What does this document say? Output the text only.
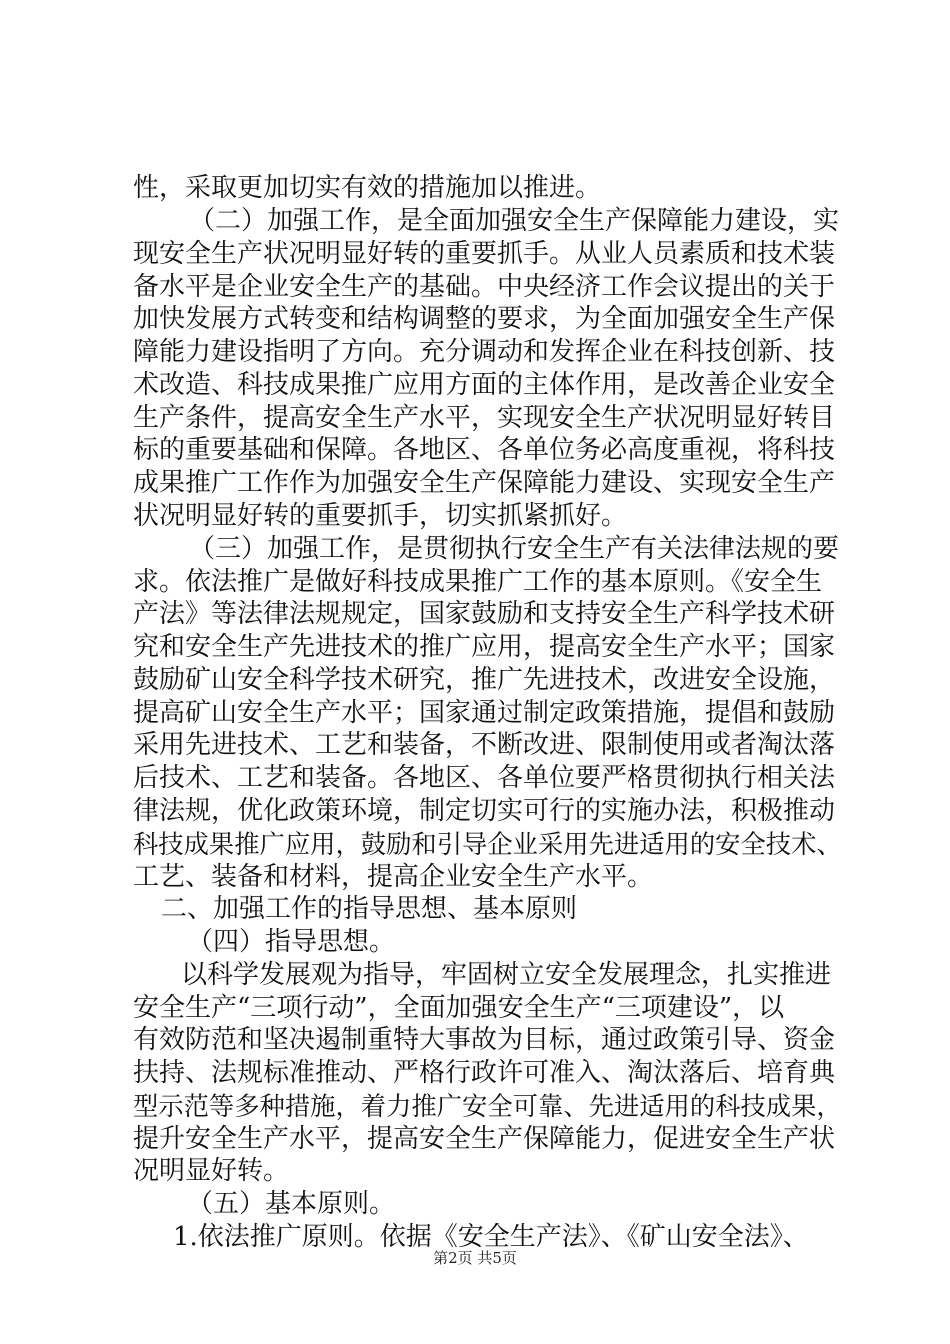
性，采取更加切实有效的措施加以推进。
（二）加强工作，是全面加强安全生产保障能力建设，实
现安全生产状况明显好转的重要抓手。从业人员素质和技术装
备水平是企业安全生产的基础。中央经济工作会议提出的关于
加快发展方式转变和结构调整的要求，为全面加强安全生产保
障能力建设指明了方向。充分调动和发挥企业在科技创新、技
术改造、科技成果推广应用方面的主体作用，是改善企业安全
生产条件，提高安全生产水平，实现安全生产状况明显好转目
标的重要基础和保障。各地区、各单位务必高度重视，将科技
成果推广工作作为加强安全生产保障能力建设、实现安全生产
状况明显好转的重要抓手，切实抓紧抓好。
（三）加强工作，是贯彻执行安全生产有关法律法规的要
求。依法推广是做好科技成果推广工作的基本原则。《安全生
产法》等法律法规规定，国家鼓励和支持安全生产科学技术研
究和安全生产先进技术的推广应用，提高安全生产水平；国家
鼓励矿山安全科学技术研究，推广先进技术，改进安全设施，
提高矿山安全生产水平；国家通过制定政策措施，提倡和鼓励
采用先进技术、工艺和装备，不断改进、限制使用或者淘汰落
后技术、工艺和装备。各地区、各单位要严格贯彻执行相关法
律法规，优化政策环境，制定切实可行的实施办法，积极推动
科技成果推广应用，鼓励和引导企业采用先进适用的安全技术、
工艺、装备和材料，提高企业安全生产水平。
二、加强工作的指导思想、基本原则
（四）指导思想。
以科学发展观为指导，牢固树立安全发展理念，扎实推进
安全生产“三项行动”，全面加强安全生产“三项建设”，以
有效防范和坚决遏制重特大事故为目标，通过政策引导、资金
扶持、法规标准推动、严格行政许可准入、淘汰落后、培育典
型示范等多种措施，着力推广安全可靠、先进适用的科技成果，
提升安全生产水平，提高安全生产保障能力，促进安全生产状
况明显好转。
（五）基本原则。
1.依法推广原则。依据《安全生产法》、《矿山安全法》、
第2页 共5页
